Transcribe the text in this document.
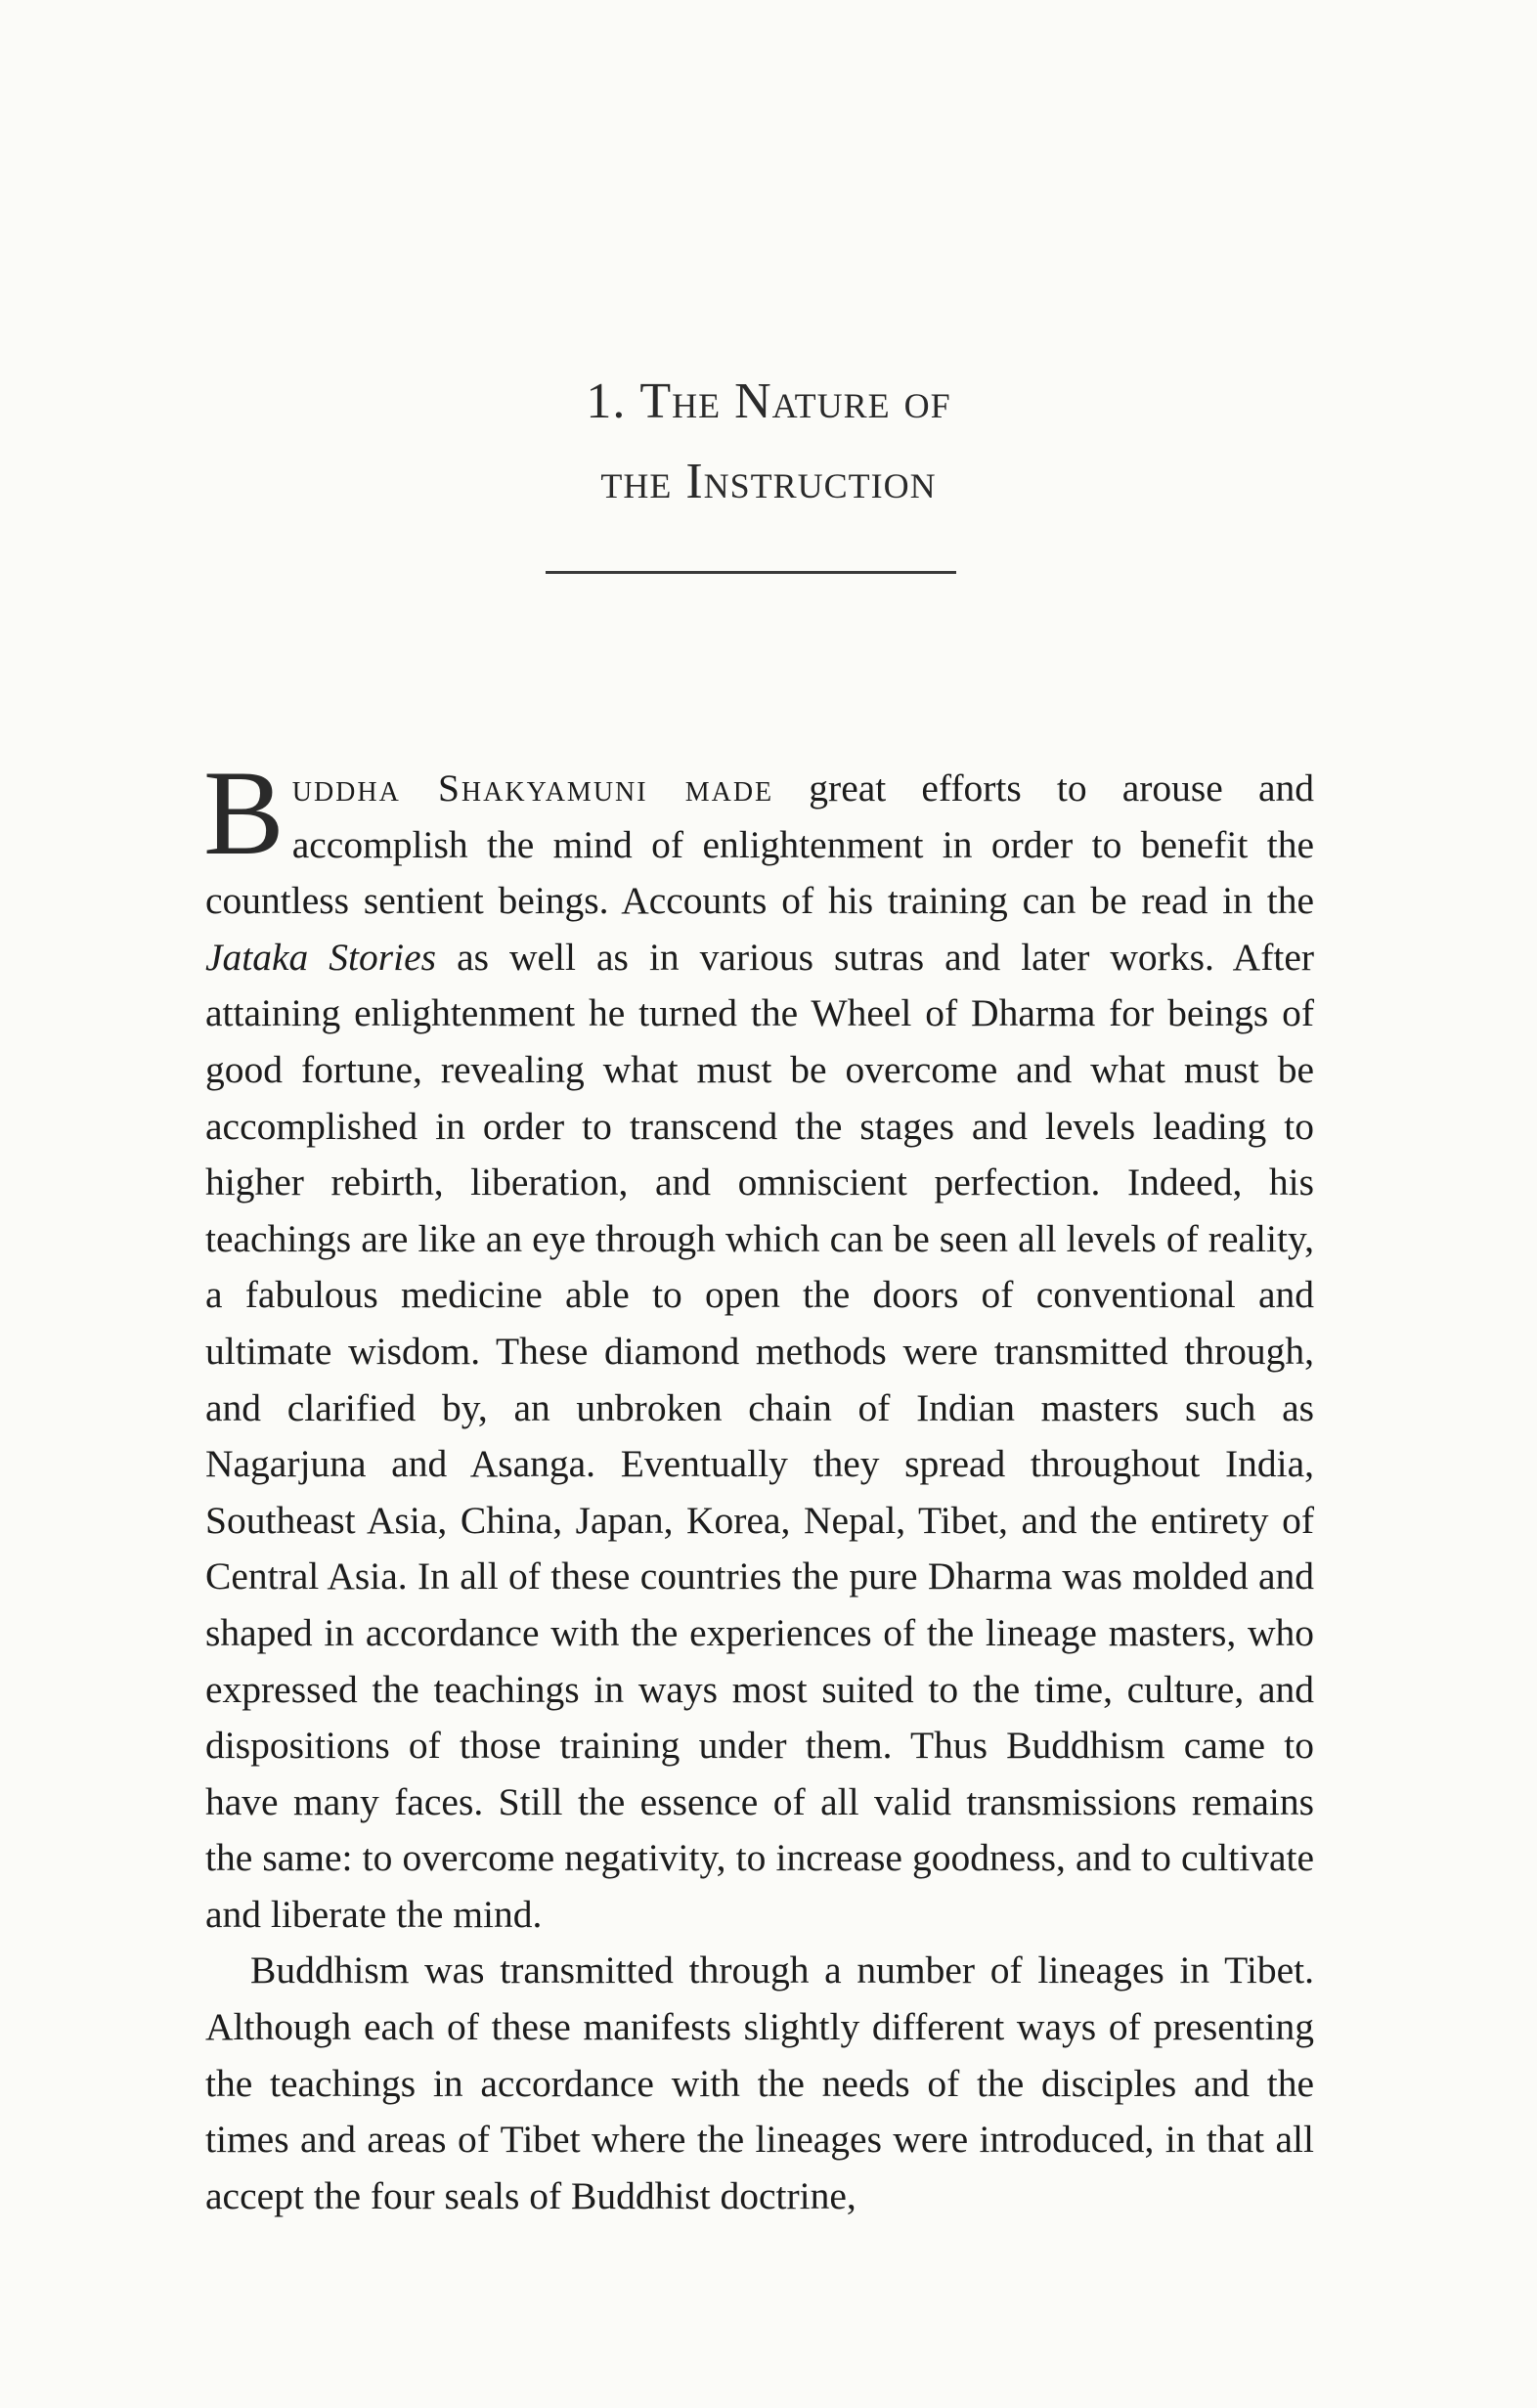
1. The Nature of
the Instruction

Buddha Shakyamuni made great efforts to arouse and accomplish the mind of enlightenment in order to benefit the countless sentient beings. Accounts of his training can be read in the Jataka Stories as well as in various sutras and later works. After attaining enlightenment he turned the Wheel of Dharma for beings of good fortune, revealing what must be overcome and what must be accomplished in order to transcend the stages and levels leading to higher rebirth, liberation, and omniscient perfection. Indeed, his teachings are like an eye through which can be seen all levels of reality, a fabulous medicine able to open the doors of conventional and ultimate wisdom. These diamond methods were transmitted through, and clarified by, an unbroken chain of Indian masters such as Nagarjuna and Asanga. Eventually they spread throughout India, Southeast Asia, China, Japan, Korea, Nepal, Tibet, and the entirety of Central Asia. In all of these countries the pure Dharma was molded and shaped in accordance with the experiences of the lineage masters, who expressed the teachings in ways most suited to the time, culture, and dispositions of those training under them. Thus Buddhism came to have many faces. Still the essence of all valid transmissions remains the same: to overcome negativity, to increase goodness, and to cultivate and liberate the mind.

Buddhism was transmitted through a number of lineages in Tibet. Although each of these manifests slightly different ways of presenting the teachings in accordance with the needs of the disciples and the times and areas of Tibet where the lineages were introduced, in that all accept the four seals of Buddhist doctrine,
